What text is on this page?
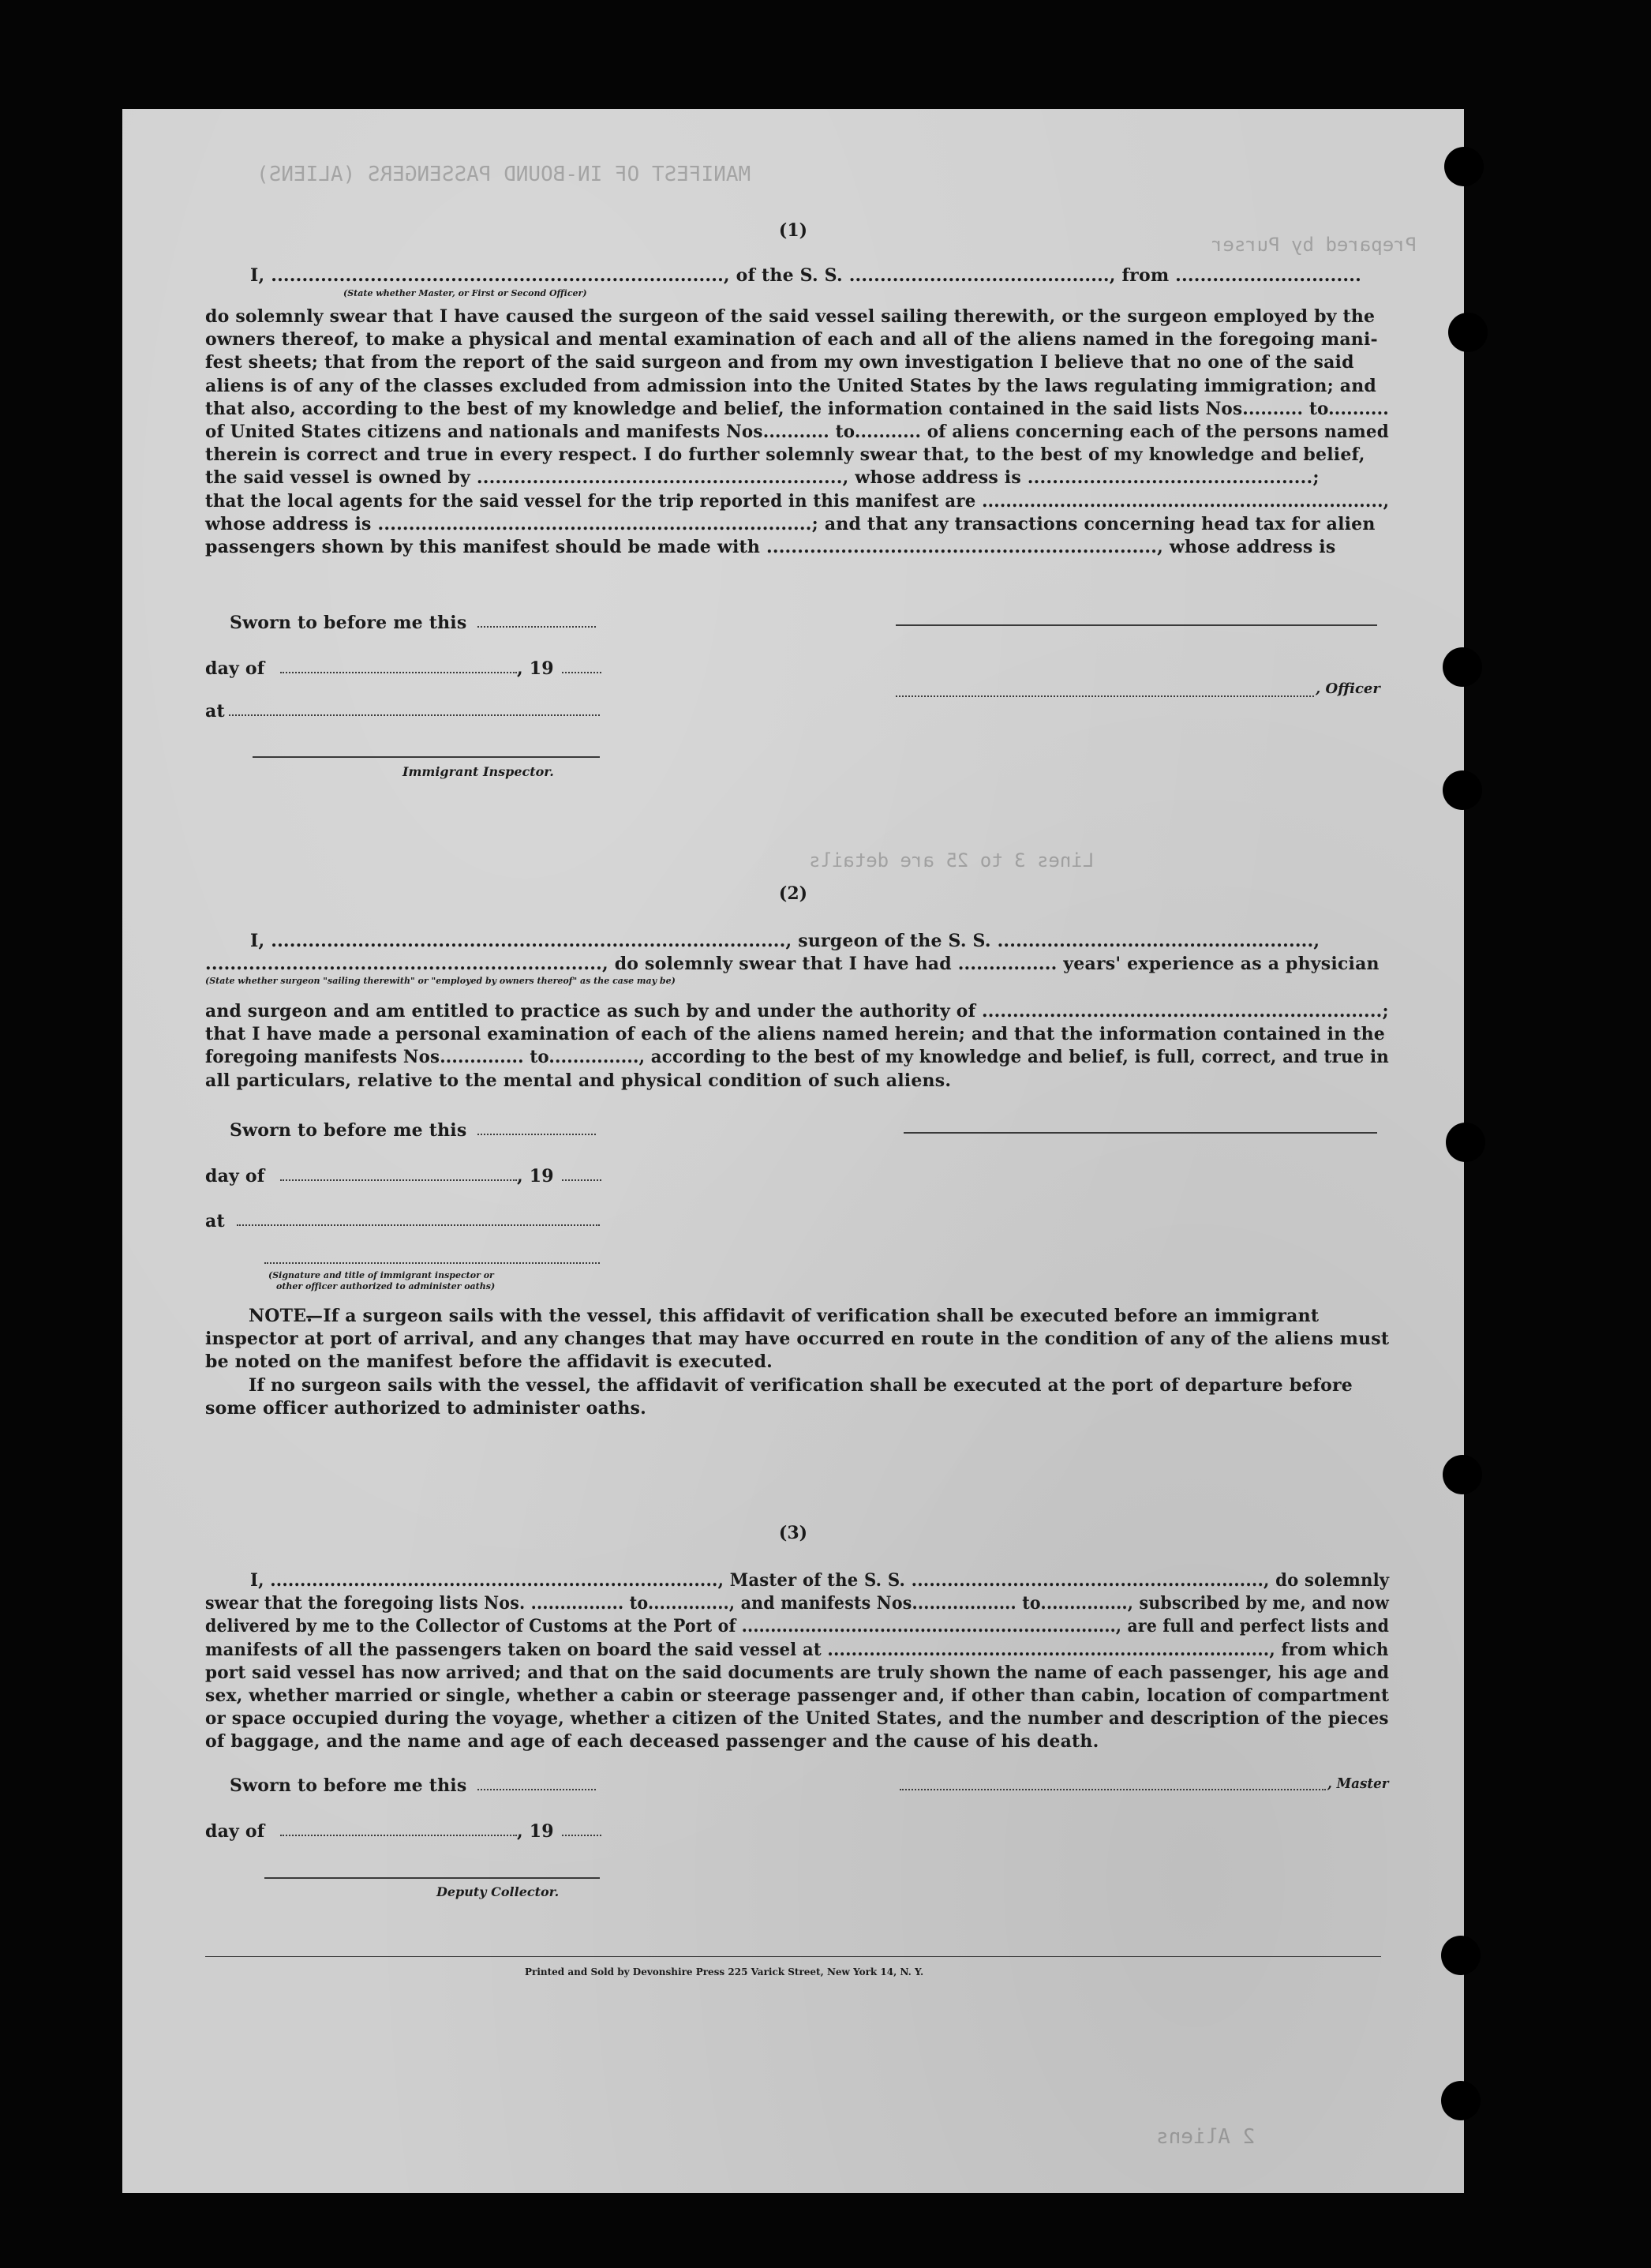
MANIFEST OF IN-BOUND PASSENGERS (ALIENS)
Prepared by Purser
Lines 3 to 25 are details
2 Aliens
(1)
I, ........................................................................., of the S. S. .........................................., from ..............................
(State whether Master, or First or Second Officer)
do solemnly swear that I have caused the surgeon of the said vessel sailing therewith, or the surgeon employed by the
owners thereof, to make a physical and mental examination of each and all of the aliens named in the foregoing mani-
fest sheets; that from the report of the said surgeon and from my own investigation I believe that no one of the said
aliens is of any of the classes excluded from admission into the United States by the laws regulating immigration; and
that also, according to the best of my knowledge and belief, the information contained in the said lists Nos.......... to..........
of United States citizens and nationals and manifests Nos........... to........... of aliens concerning each of the persons named
therein is correct and true in every respect. I do further solemnly swear that, to the best of my knowledge and belief,
the said vessel is owned by ..........................................................., whose address is ..............................................;
that the local agents for the said vessel for the trip reported in this manifest are ...................................................................,
whose address is ......................................................................; and that any transactions concerning head tax for alien
passengers shown by this manifest should be made with ..............................................................., whose address is
Sworn to before me this
day of	, 19
, Officer
at
Immigrant Inspector.
(2)
I, ..................................................................................., surgeon of the S. S. ...................................................,
................................................................, do solemnly swear that I have had ................ years' experience as a physician
(State whether surgeon "sailing therewith" or "employed by owners thereof" as the case may be)
and surgeon and am entitled to practice as such by and under the authority of .................................................................;
that I have made a personal examination of each of the aliens named herein; and that the information contained in the
foregoing manifests Nos.............. to..............., according to the best of my knowledge and belief, is full, correct, and true in
all particulars, relative to the mental and physical condition of such aliens.
Sworn to before me this
day of	, 19
at
(Signature and title of immigrant inspector or
other officer authorized to administer oaths)
NOTE.
—If a surgeon sails with the vessel, this affidavit of verification shall be executed before an immigrant
inspector at port of arrival, and any changes that may have occurred en route in the condition of any of the aliens must
be noted on the manifest before the affidavit is executed.
If no surgeon sails with the vessel, the affidavit of verification shall be executed at the port of departure before
some officer authorized to administer oaths.
(3)
I, ..........................................................................., Master of the S. S. ..........................................................., do solemnly
swear that the foregoing lists Nos. ................ to.............., and manifests Nos.................. to..............., subscribed by me, and now
delivered by me to the Collector of Customs at the Port of ................................................................., are full and perfect lists and
manifests of all the passengers taken on board the said vessel at .........................................................................., from which
port said vessel has now arrived; and that on the said documents are truly shown the name of each passenger, his age and
sex, whether married or single, whether a cabin or steerage passenger and, if other than cabin, location of compartment
or space occupied during the voyage, whether a citizen of the United States, and the number and description of the pieces
of baggage, and the name and age of each deceased passenger and the cause of his death.
Sworn to before me this	, Master
day of	, 19
Deputy Collector.
Printed and Sold by Devonshire Press 225 Varick Street, New York 14, N. Y.
